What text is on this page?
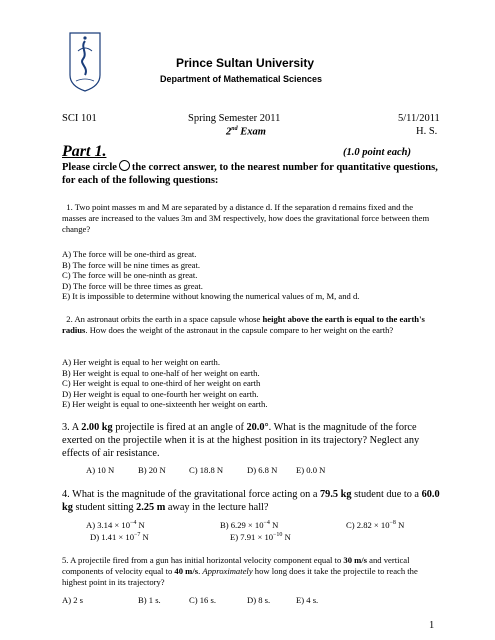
Prince Sultan University
Department of Mathematical Sciences
SCI 101	Spring Semester 2011	5/11/2011
2nd Exam	H. S.
Part 1.	(1.0 point each)
Please circle the correct answer, to the nearest number for quantitative questions, for each of the following questions:
1. Two point masses m and M are separated by a distance d. If the separation d remains fixed and the masses are increased to the values 3m and 3M respectively, how does the gravitational force between them change?
A) The force will be one-third as great.
B) The force will be nine times as great.
C) The force will be one-ninth as great.
D) The force will be three times as great.
E) It is impossible to determine without knowing the numerical values of m, M, and d.
2. An astronaut orbits the earth in a space capsule whose height above the earth is equal to the earth's radius. How does the weight of the astronaut in the capsule compare to her weight on the earth?
A) Her weight is equal to her weight on earth.
B) Her weight is equal to one-half of her weight on earth.
C) Her weight is equal to one-third of her weight on earth
D) Her weight is equal to one-fourth her weight on earth.
E) Her weight is equal to one-sixteenth her weight on earth.
3. A 2.00 kg projectile is fired at an angle of 20.0°. What is the magnitude of the force exerted on the projectile when it is at the highest position in its trajectory? Neglect any effects of air resistance.
A) 10 N	B) 20 N	C) 18.8 N	D) 6.8 N E) 0.0 N
4. What is the magnitude of the gravitational force acting on a 79.5 kg student due to a 60.0 kg student sitting 2.25 m away in the lecture hall?
A) $3.14 \times 10^{-4}$ N	B) $6.29 \times 10^{-4}$ N	C) $2.82 \times 10^{-8}$ N
D) $1.41 \times 10^{-7}$ N	E) $7.91 \times 10^{-10}$ N
5. A projectile fired from a gun has initial horizontal velocity component equal to 30 m/s and vertical components of velocity equal to 40 m/s. Approximately how long does it take the projectile to reach the highest point in its trajectory?
A) 2 s	B) 1 s.	C) 16 s.	D) 8 s.	E) 4 s.
1
